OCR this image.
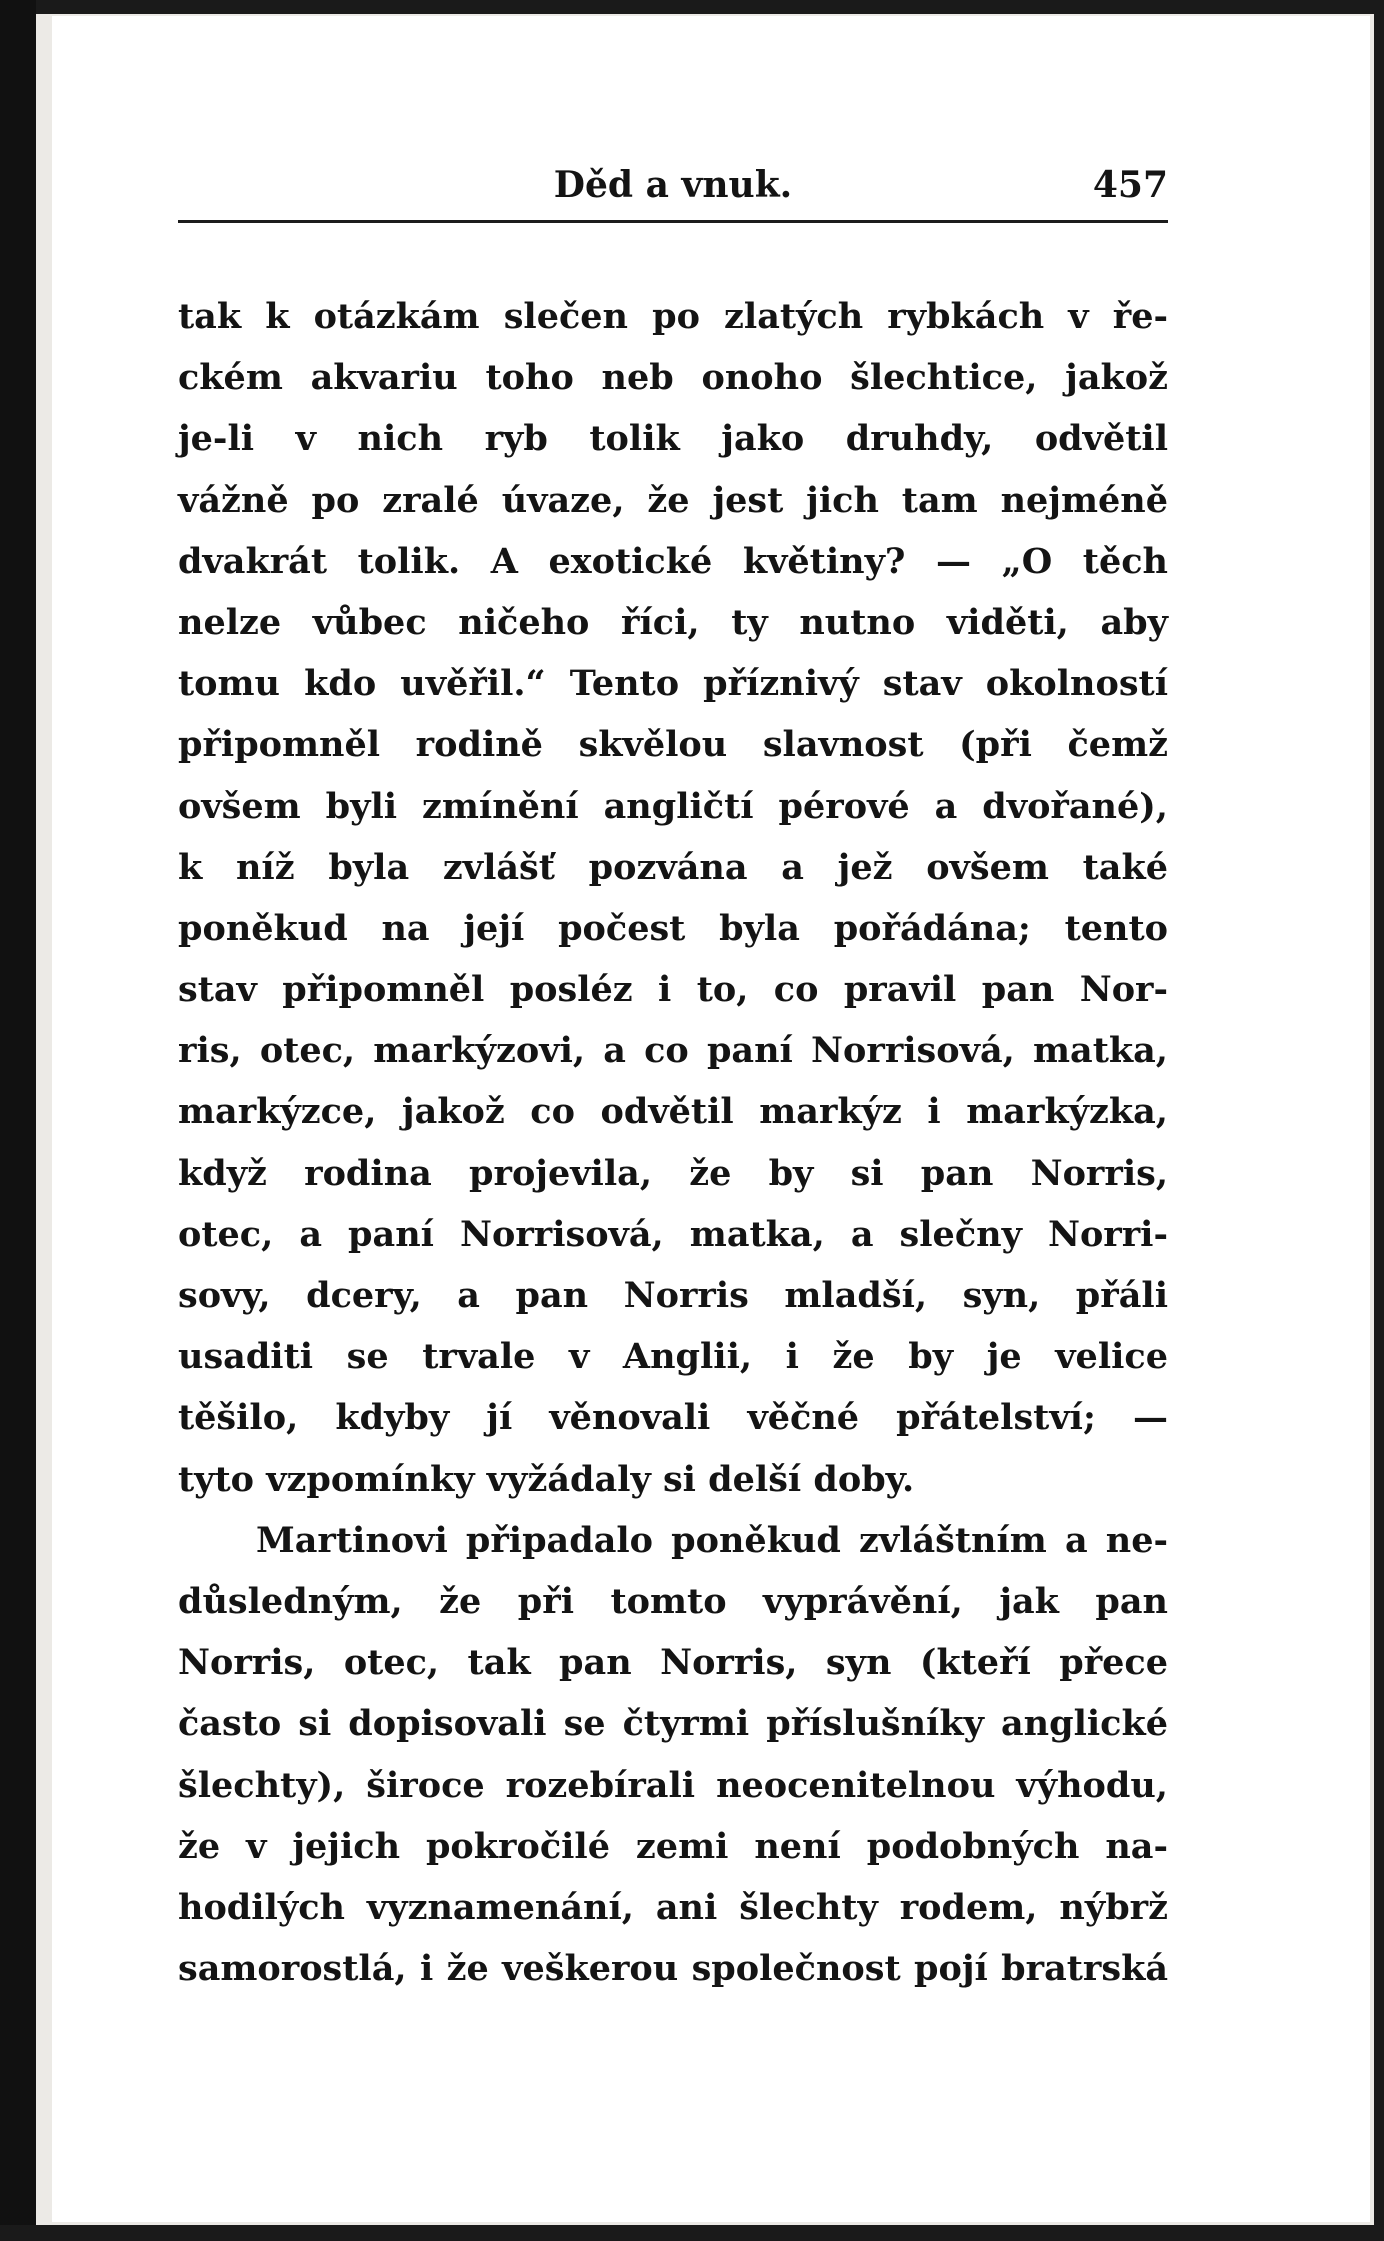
Děd a vnuk.	457
tak k otázkám slečen po zlatých rybkách v ře-
ckém akvariu toho neb onoho šlechtice, jakož
je-li v nich ryb tolik jako druhdy, odvětil
vážně po zralé úvaze, že jest jich tam nejméně
dvakrát tolik. A exotické květiny? — „O těch
nelze vůbec ničeho říci, ty nutno viděti, aby
tomu kdo uvěřil.“ Tento příznivý stav okolností
připomněl rodině skvělou slavnost (při čemž
ovšem byli zmínění angličtí pérové a dvořané),
k níž byla zvlášť pozvána a jež ovšem také
poněkud na její počest byla pořádána; tento
stav připomněl posléz i to, co pravil pan Nor-
ris, otec, markýzovi, a co paní Norrisová, matka,
markýzce, jakož co odvětil markýz i markýzka,
když rodina projevila, že by si pan Norris,
otec, a paní Norrisová, matka, a slečny Norri-
sovy, dcery, a pan Norris mladší, syn, přáli
usaditi se trvale v Anglii, i že by je velice
těšilo, kdyby jí věnovali věčné přátelství; —
tyto vzpomínky vyžádaly si delší doby.
Martinovi připadalo poněkud zvláštním a ne-
důsledným, že při tomto vyprávění, jak pan
Norris, otec, tak pan Norris, syn (kteří přece
často si dopisovali se čtyrmi příslušníky anglické
šlechty), široce rozebírali neocenitelnou výhodu,
že v jejich pokročilé zemi není podobných na-
hodilých vyznamenání, ani šlechty rodem, nýbrž
samorostlá, i že veškerou společnost pojí bratrská
